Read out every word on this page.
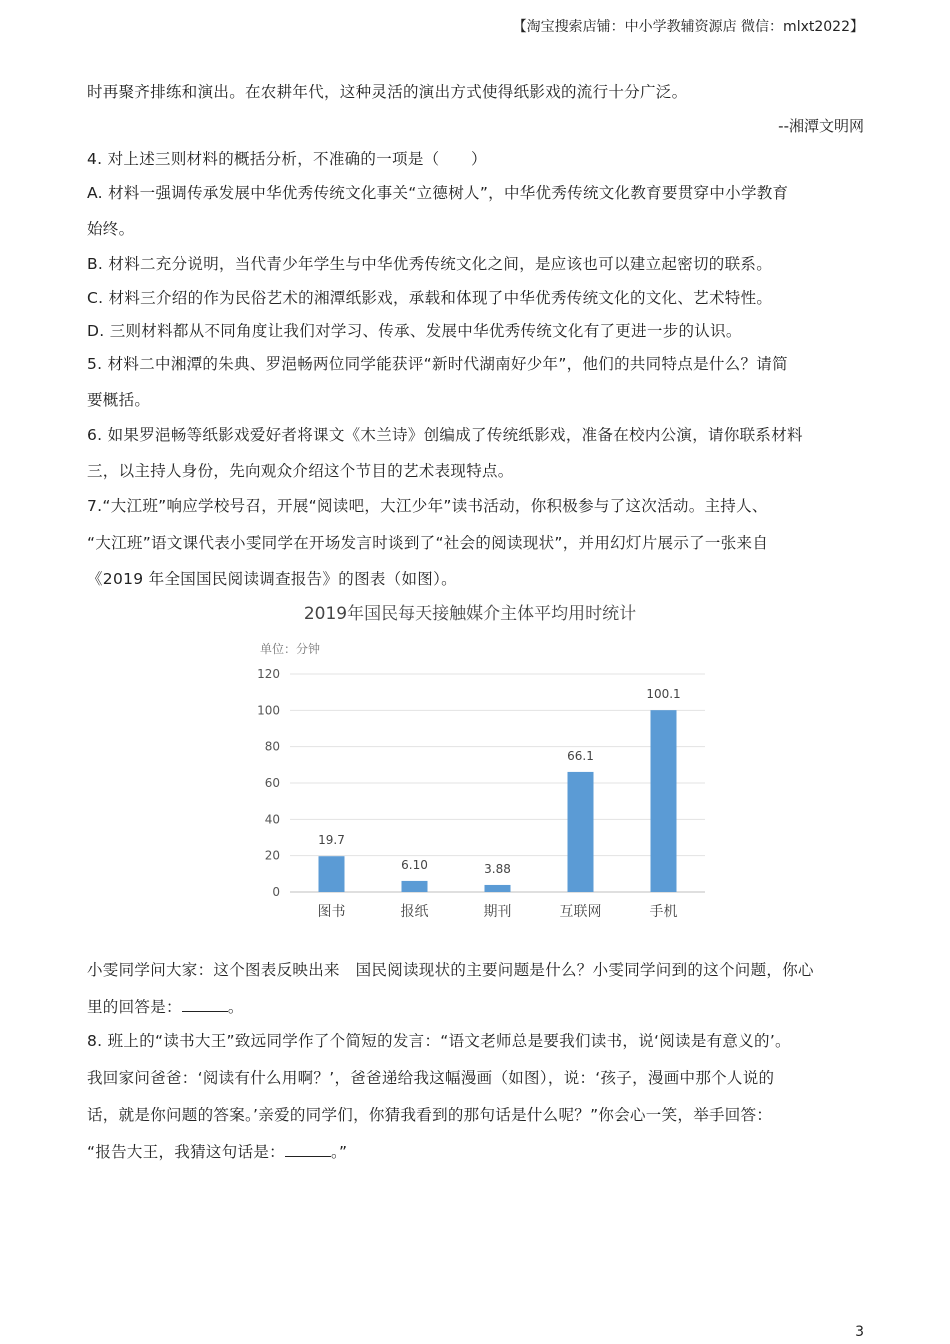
【淘宝搜索店铺：中小学教辅资源店 微信：mlxt2022】
时再聚齐排练和演出。在农耕年代，这种灵活的演出方式使得纸影戏的流行十分广泛。
--湘潭文明网
4. 对上述三则材料的概括分析，不准确的一项是（　　）
A. 材料一强调传承发展中华优秀传统文化事关“立德树人”，中华优秀传统文化教育要贯穿中小学教育
始终。
B. 材料二充分说明，当代青少年学生与中华优秀传统文化之间，是应该也可以建立起密切的联系。
C. 材料三介绍的作为民俗艺术的湘潭纸影戏，承载和体现了中华优秀传统文化的文化、艺术特性。
D. 三则材料都从不同角度让我们对学习、传承、发展中华优秀传统文化有了更进一步的认识。
5. 材料二中湘潭的朱典、罗浥畅两位同学能获评“新时代湖南好少年”，他们的共同特点是什么？请简
要概括。
6. 如果罗浥畅等纸影戏爱好者将课文《木兰诗》创编成了传统纸影戏，准备在校内公演，请你联系材料
三，以主持人身份，先向观众介绍这个节目的艺术表现特点。
7.“大江班”响应学校号召，开展“阅读吧，大江少年”读书活动，你积极参与了这次活动。主持人、
“大江班”语文课代表小雯同学在开场发言时谈到了“社会的阅读现状”，并用幻灯片展示了一张来自
《2019 年全国国民阅读调查报告》的图表（如图）。
2019年国民每天接触媒介主体平均用时统计
单位：分钟
0
20
40
60
80
100
120
19.7
6.10	3.88
66.1
100.1
图书	报纸	期刊	互联网	手机
小雯同学问大家：这个图表反映出来　国民阅读现状的主要问题是什么？小雯同学问到的这个问题，你心
里的回答是：	。
8. 班上的“读书大王”致远同学作了个简短的发言：“语文老师总是要我们读书，说‘阅读是有意义的’。
我回家问爸爸：‘阅读有什么用啊？’，爸爸递给我这幅漫画（如图），说：‘孩子，漫画中那个人说的
话，就是你问题的答案。’亲爱的同学们，你猜我看到的那句话是什么呢？”你会心一笑，举手回答：
“报告大王，我猜这句话是：	。”
3
